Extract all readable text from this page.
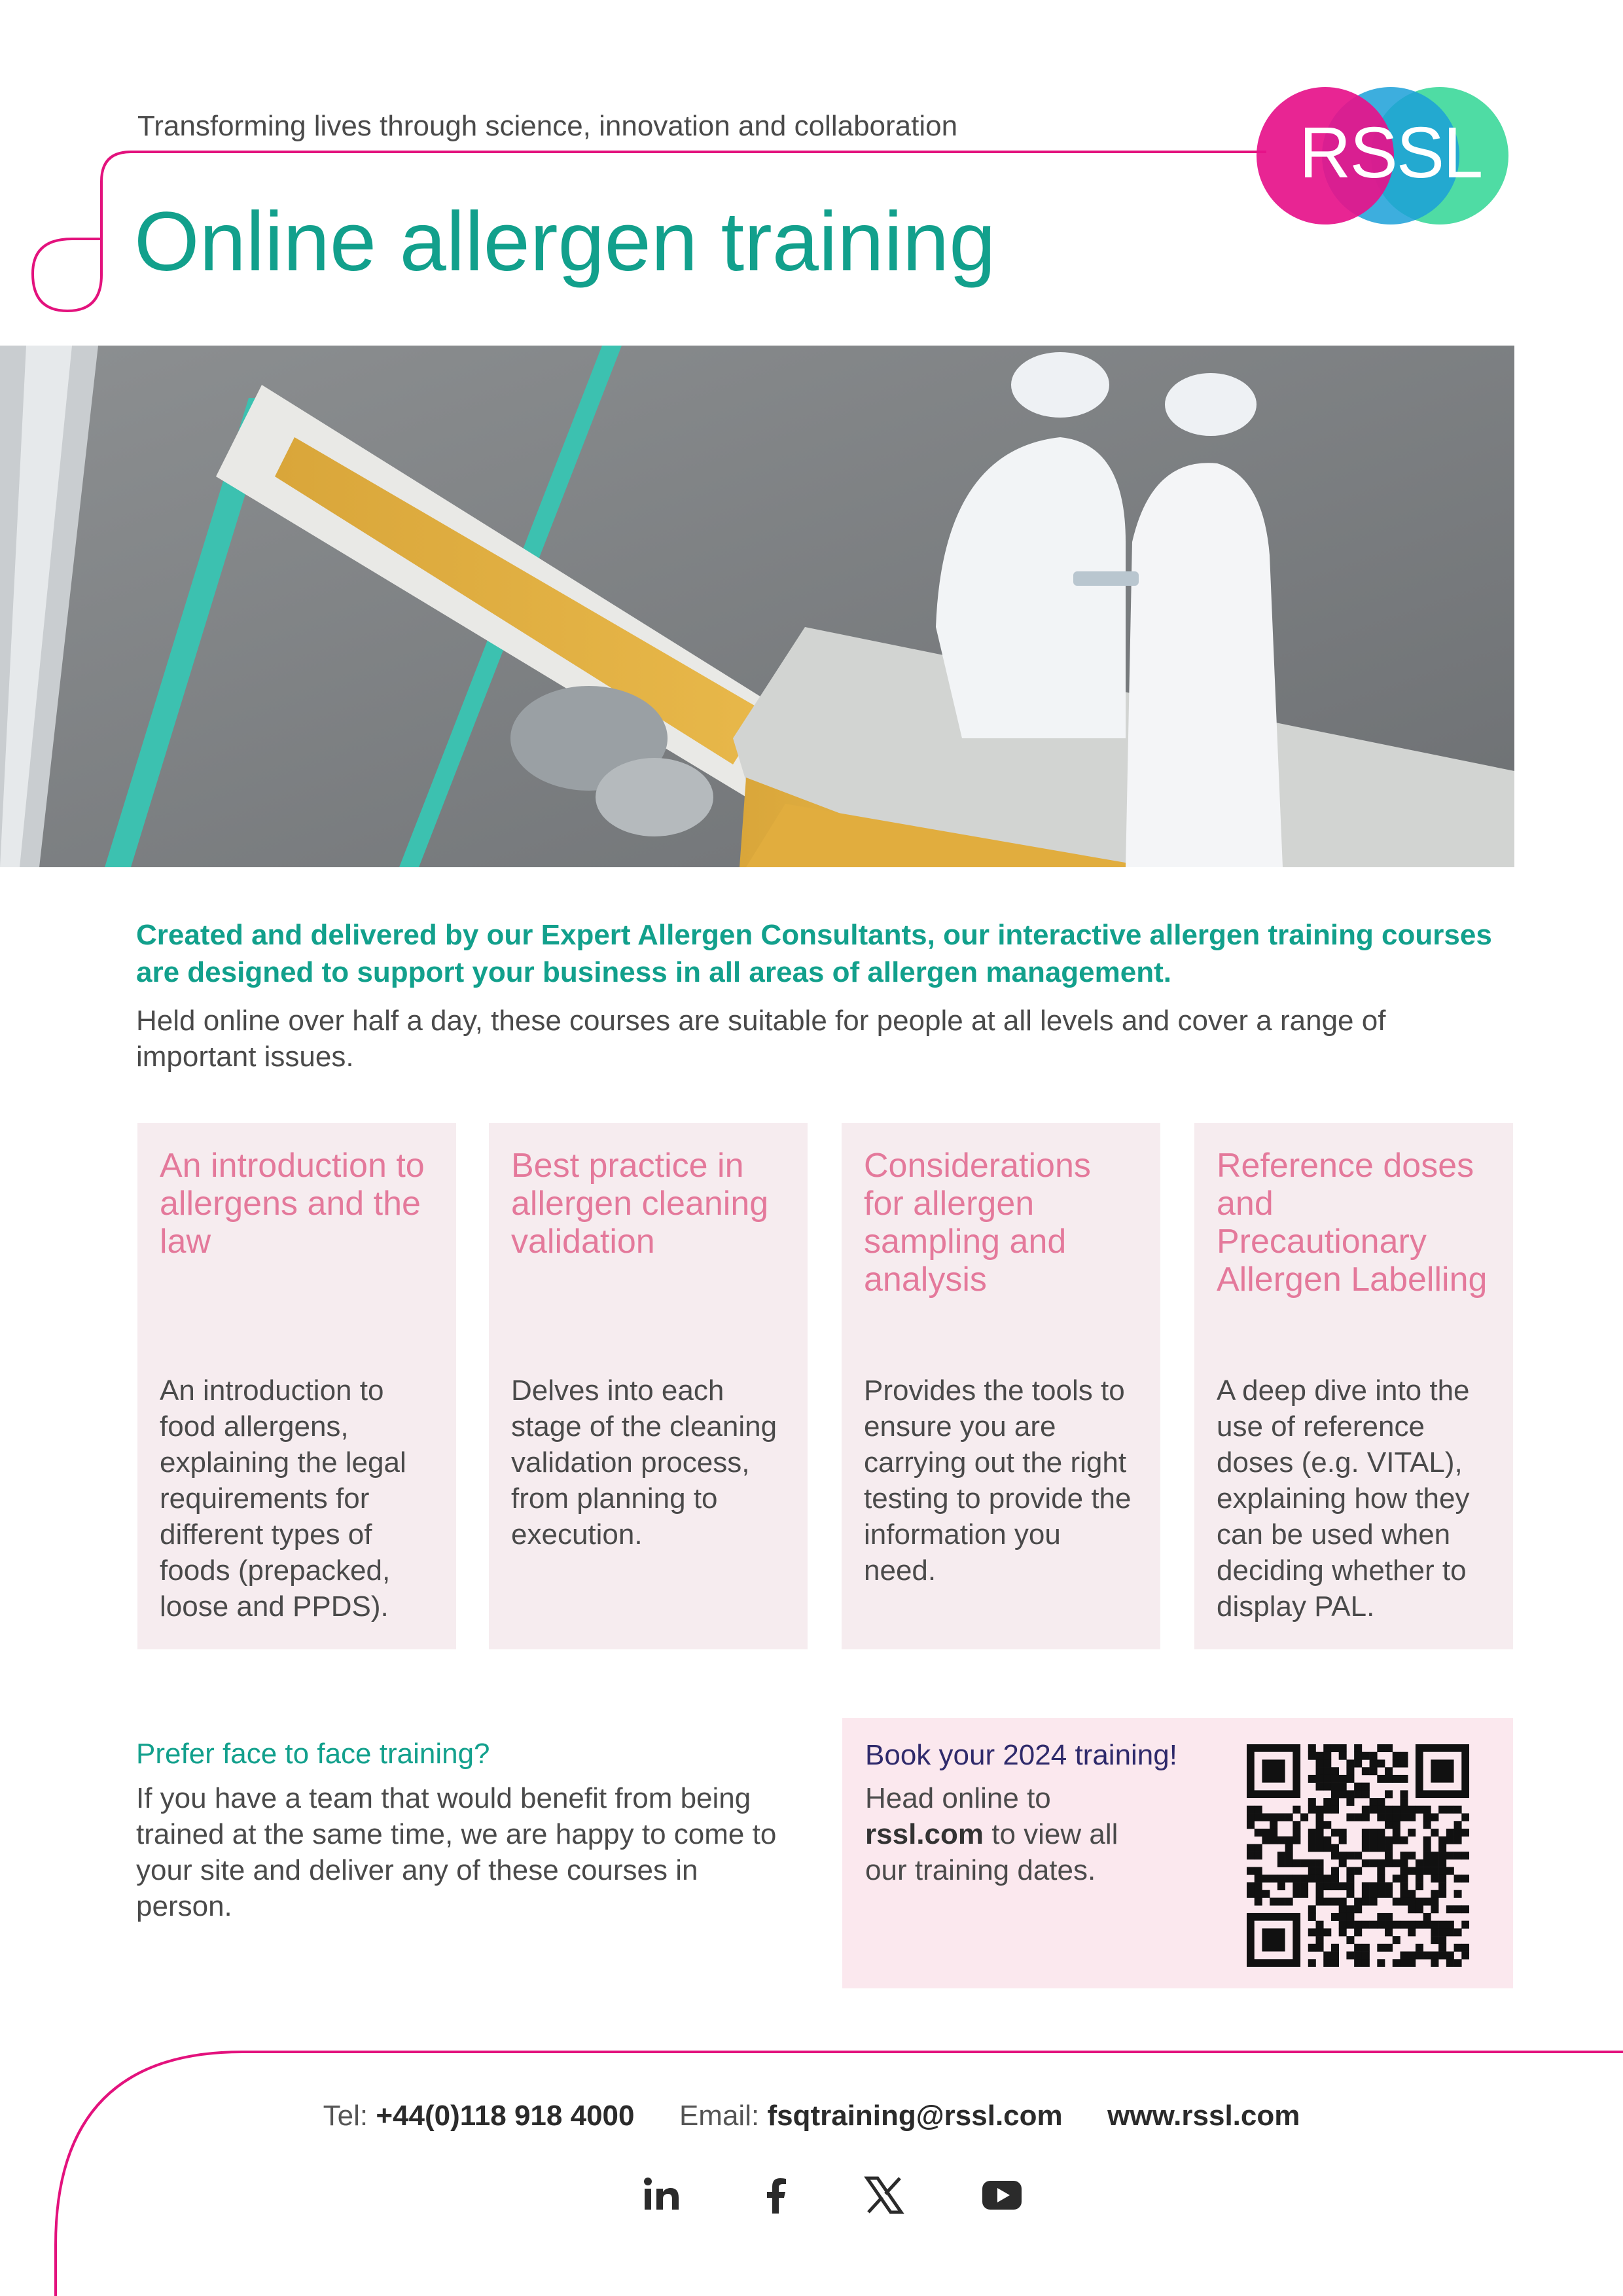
Transforming lives through science, innovation and collaboration
Online allergen training
RSSL
Created and delivered by our Expert Allergen Consultants, our interactive allergen training courses are designed to support your business in all areas of allergen management.
Held online over half a day, these courses are suitable for people at all levels and cover a range of important issues.
An introduction to allergens and the law
An introduction to food allergens, explaining the legal requirements for different types of foods (prepacked, loose and PPDS).
Best practice in allergen cleaning validation
Delves into each stage of the cleaning validation process, from planning to execution.
Considerations for allergen sampling and analysis
Provides the tools to ensure you are carrying out the right testing to provide the information you need.
Reference doses and Precautionary Allergen Labelling
A deep dive into the use of reference doses (e.g. VITAL), explaining how they can be used when deciding whether to display PAL.
Prefer face to face training?
If you have a team that would benefit from being trained at the same time, we are happy to come to your site and deliver any of these courses in person.
Book your 2024 training!
Head online to rssl.com to view all our training dates.
Tel: +44(0)118 918 4000 Email: fsqtraining@rssl.com www.rssl.com
